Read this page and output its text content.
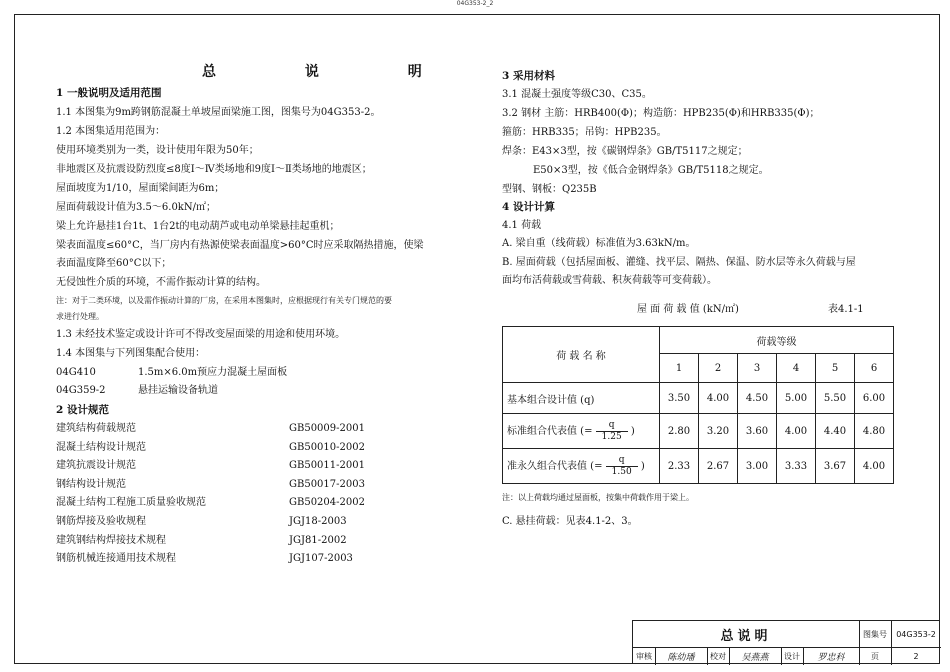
04G353-2_2
总 说 明
1 一般说明及适用范围
1.1 本图集为9m跨钢筋混凝土单坡屋面梁施工图，图集号为04G353-2。
1.2 本图集适用范围为：
使用环境类别为一类，设计使用年限为50年；
非地震区及抗震设防烈度≤8度Ⅰ～Ⅳ类场地和9度Ⅰ～Ⅱ类场地的地震区；
屋面坡度为1/10，屋面梁间距为6m；
屋面荷载设计值为3.5～6.0kN/㎡；
梁上允许悬挂1台1t、1台2t的电动葫芦或电动单梁悬挂起重机；
梁表面温度≤60°C，当厂房内有热源使梁表面温度>60°C时应采取隔热措施，使梁
表面温度降至60°C以下；
无侵蚀性介质的环境，不需作振动计算的结构。
注：对于二类环境，以及需作振动计算的厂房，在采用本图集时，应根据现行有关专门规范的要
求进行处理。
1.3 未经技术鉴定或设计许可不得改变屋面梁的用途和使用环境。
1.4 本图集与下列图集配合使用：
04G410	1.5m×6.0m预应力混凝土屋面板
04G359-2	悬挂运输设备轨道
2 设计规范
建筑结构荷载规范	GB50009-2001
混凝土结构设计规范	GB50010-2002
建筑抗震设计规范	GB50011-2001
钢结构设计规范	GB50017-2003
混凝土结构工程施工质量验收规范	GB50204-2002
钢筋焊接及验收规程	JGJ18-2003
建筑钢结构焊接技术规程	JGJ81-2002
钢筋机械连接通用技术规程	JGJ107-2003
3 采用材料
3.1 混凝土强度等级C30、C35。
3.2 钢材 主筋：HRB400(Φ)；构造筋：HPB235(Φ)和HRB335(Φ)；
箍筋：HRB335；吊钩：HPB235。
焊条：E43×3型，按《碳钢焊条》GB/T5117之规定；
E50×3型，按《低合金钢焊条》GB/T5118之规定。
型钢、钢板：Q235B
4 设计计算
4.1 荷载
A. 梁自重（线荷载）标准值为3.63kN/m。
B. 屋面荷载（包括屋面板、灌缝、找平层、隔热、保温、防水层等永久荷载与屋
面均布活荷载或雪荷载、积灰荷载等可变荷载）。
屋 面 荷 载 值 (kN/㎡)	表4.1-1
荷 载 名 称	荷载等级					
	1	2	3	4	5	6
基本组合设计值 (q)	3.50	4.00	4.50	5.00	5.50	6.00
标准组合代表值 (= $\frac{q}{1.25}$ )	2.80	3.20	3.60	4.00	4.40	4.80
准永久组合代表值 (= $\frac{q}{1.50}$ )	2.33	2.67	3.00	3.33	3.67	4.00
注：以上荷载均通过屋面板，按集中荷载作用于梁上。
C. 悬挂荷载：见表4.1-2、3。
总说明	图集号	04G353-2
审核	陈幼璠	校对	吴燕燕	设计	罗忠科	页	2
